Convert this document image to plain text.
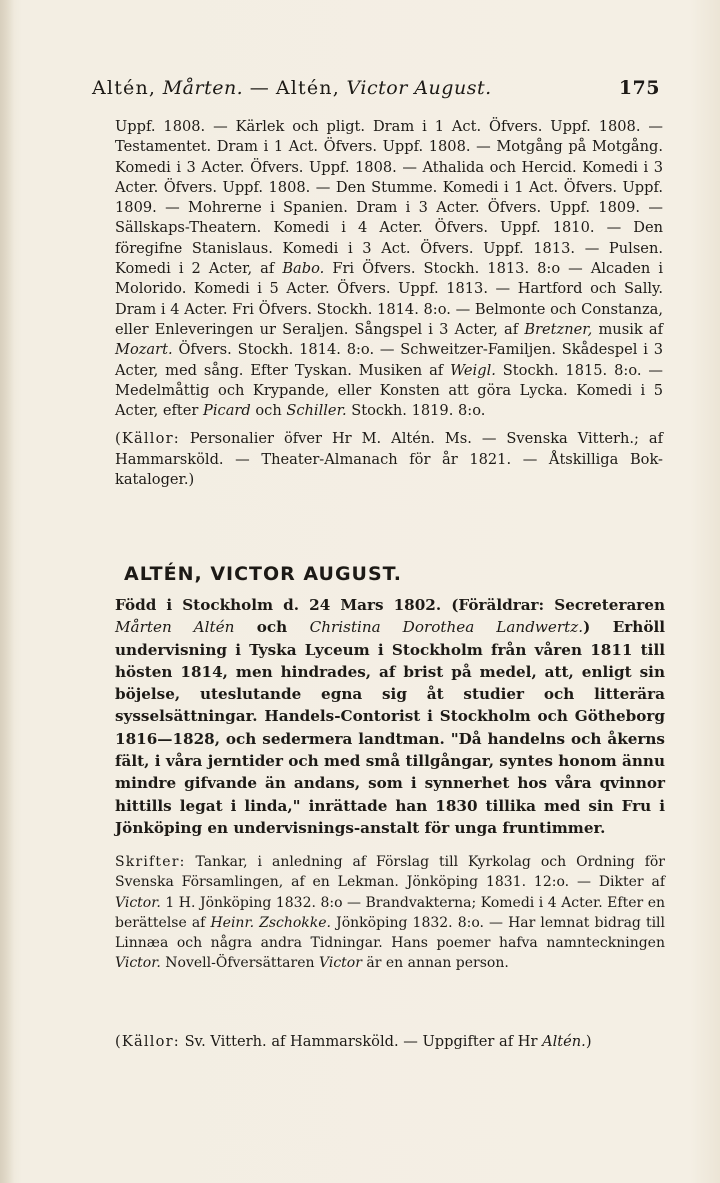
Altén, Mårten. — Altén, Victor August.	175

Uppf. 1808. — Kärlek och pligt. Dram i 1 Act. Öfvers. Uppf. 1808. — Testamentet. Dram i 1 Act. Öfvers. Uppf. 1808. — Motgång på Motgång. Komedi i 3 Acter. Öfvers. Uppf. 1808. — Athalida och Hercid. Komedi i 3 Acter. Öfvers. Uppf. 1808. — Den Stumme. Komedi i 1 Act. Öfvers. Uppf. 1809. — Mohrerne i Spanien. Dram i 3 Acter. Öfvers. Uppf. 1809. — Sällskaps-Theatern. Komedi i 4 Acter. Öfvers. Uppf. 1810. — Den föregifne Stanislaus. Komedi i 3 Act. Öfvers. Uppf. 1813. — Pulsen. Komedi i 2 Acter, af Babo. Fri Öfvers. Stockh. 1813. 8:o — Alcaden i Molorido. Komedi i 5 Acter. Öfvers. Uppf. 1813. — Hartford och Sally. Dram i 4 Acter. Fri Öfvers. Stockh. 1814. 8:o. — Belmonte och Constanza, eller Enleveringen ur Seraljen. Sångspel i 3 Acter, af Bretzner, musik af Mozart. Öfvers. Stockh. 1814. 8:o. — Schweitzer-Familjen. Skådespel i 3 Acter, med sång. Efter Tyskan. Musiken af Weigl. Stockh. 1815. 8:o. — Medelmåttig och Krypande, eller Konsten att göra Lycka. Komedi i 5 Acter, efter Picard och Schiller. Stockh. 1819. 8:o.

(Källor: Personalier öfver Hr M. Altén. Ms. — Svenska Vitterh.; af Hammarsköld. — Theater-Almanach för år 1821. — Åtskilliga Bok-kataloger.)

ALTÉN, VICTOR AUGUST.
Född i Stockholm d. 24 Mars 1802. (Föräldrar: Secreteraren Mårten Altén och Christina Dorothea Landwertz.) Erhöll undervisning i Tyska Lyceum i Stockholm från våren 1811 till hösten 1814, men hindrades, af brist på medel, att, enligt sin böjelse, uteslutande egna sig åt studier och litterära sysselsättningar. Handels-Contorist i Stockholm och Götheborg 1816—1828, och sedermera landtman. "Då handelns och åkerns fält, i våra jerntider och med små tillgångar, syntes honom ännu mindre gifvande än andans, som i synnerhet hos våra qvinnor hittills legat i linda," inrättade han 1830 tillika med sin Fru i Jönköping en undervisnings-anstalt för unga fruntimmer.
Skrifter: Tankar, i anledning af Förslag till Kyrkolag och Ordning för Svenska Församlingen, af en Lekman. Jönköping 1831. 12:o. — Dikter af Victor. 1 H. Jönköping 1832. 8:o — Brandvakterna; Komedi i 4 Acter. Efter en berättelse af Heinr. Zschokke. Jönköping 1832. 8:o. — Har lemnat bidrag till Linnæa och några andra Tidningar. Hans poemer hafva namnteckningen Victor. Novell-Öfversättaren Victor är en annan person.
(Källor: Sv. Vitterh. af Hammarsköld. — Uppgifter af Hr Altén.)
